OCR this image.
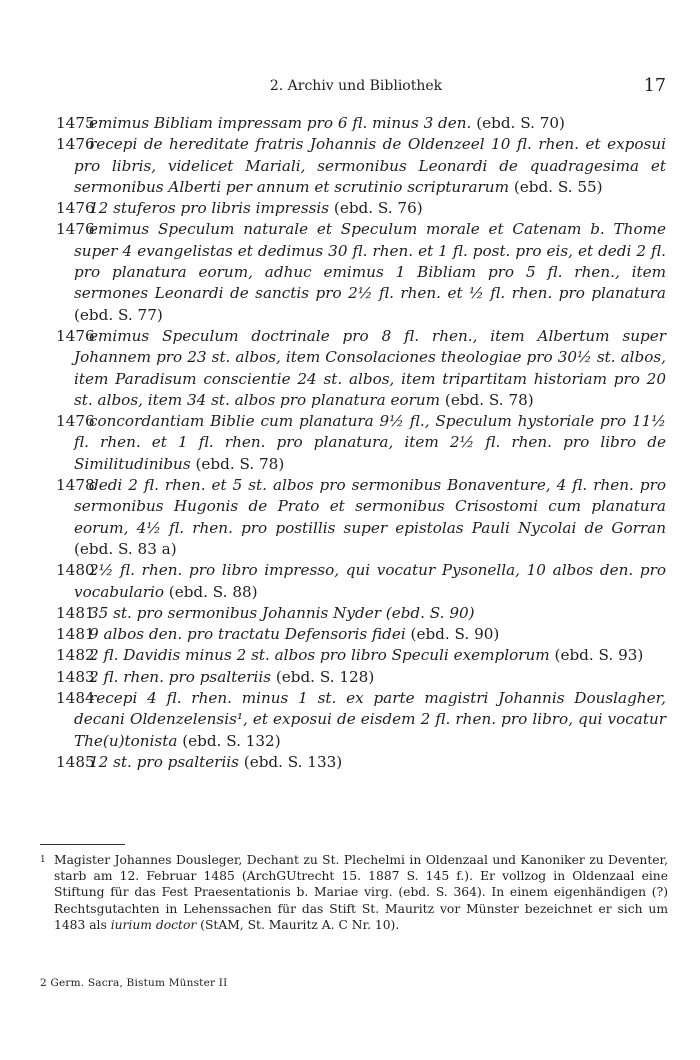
2. Archiv und Bibliothek	17
1475
emimus Bibliam impressam pro 6 fl. minus 3 den. (ebd. S. 70)
1476
recepi de hereditate fratris Johannis de Oldenzeel 10 fl. rhen. et exposui pro libris, videlicet Mariali, sermonibus Leonardi de quadragesima et sermonibus Alberti per annum et scrutinio scripturarum (ebd. S. 55)
1476
12 stuferos pro libris impressis (ebd. S. 76)
1476
emimus Speculum naturale et Speculum morale et Catenam b. Thome super 4 evangelistas et dedimus 30 fl. rhen. et 1 fl. post. pro eis, et dedi 2 fl. pro planatura eorum, adhuc emimus 1 Bibliam pro 5 fl. rhen., item sermones Leonardi de sanctis pro 2½ fl. rhen. et ½ fl. rhen. pro planatura (ebd. S. 77)
1476
emimus Speculum doctrinale pro 8 fl. rhen., item Albertum super Johannem pro 23 st. albos, item Consolaciones theologiae pro 30½ st. albos, item Paradisum conscientie 24 st. albos, item tripartitam historiam pro 20 st. albos, item 34 st. albos pro planatura eorum (ebd. S. 78)
1476
concordantiam Biblie cum planatura 9½ fl., Speculum hystoriale pro 11½ fl. rhen. et 1 fl. rhen. pro planatura, item 2½ fl. rhen. pro libro de Similitudinibus (ebd. S. 78)
1478
dedi 2 fl. rhen. et 5 st. albos pro sermonibus Bonaventure, 4 fl. rhen. pro sermonibus Hugonis de Prato et sermonibus Crisostomi cum planatura eorum, 4½ fl. rhen. pro postillis super epistolas Pauli Nycolai de Gorran (ebd. S. 83 a)
1480
2½ fl. rhen. pro libro impresso, qui vocatur Pysonella, 10 albos den. pro vocabulario (ebd. S. 88)
1481
35 st. pro sermonibus Johannis Nyder (ebd. S. 90)
1481
9 albos den. pro tractatu Defensoris fidei (ebd. S. 90)
1482
2 fl. Davidis minus 2 st. albos pro libro Speculi exemplorum (ebd. S. 93)
1483
2 fl. rhen. pro psalteriis (ebd. S. 128)
1484
recepi 4 fl. rhen. minus 1 st. ex parte magistri Johannis Douslagher, decani Oldenzelensis¹, et exposui de eisdem 2 fl. rhen. pro libro, qui vocatur The(u)tonista (ebd. S. 132)
1485
12 st. pro psalteriis (ebd. S. 133)
1 Magister Johannes Dousleger, Dechant zu St. Plechelmi in Oldenzaal und Kanoniker zu Deventer, starb am 12. Februar 1485 (ArchGUtrecht 15. 1887 S. 145 f.). Er vollzog in Oldenzaal eine Stiftung für das Fest Praesentationis b. Mariae virg. (ebd. S. 364). In einem eigenhändigen (?) Rechtsgutachten in Lehenssachen für das Stift St. Mauritz vor Münster bezeichnet er sich um 1483 als iurium doctor (StAM, St. Mauritz A. C Nr. 10).
2 Germ. Sacra, Bistum Münster II
